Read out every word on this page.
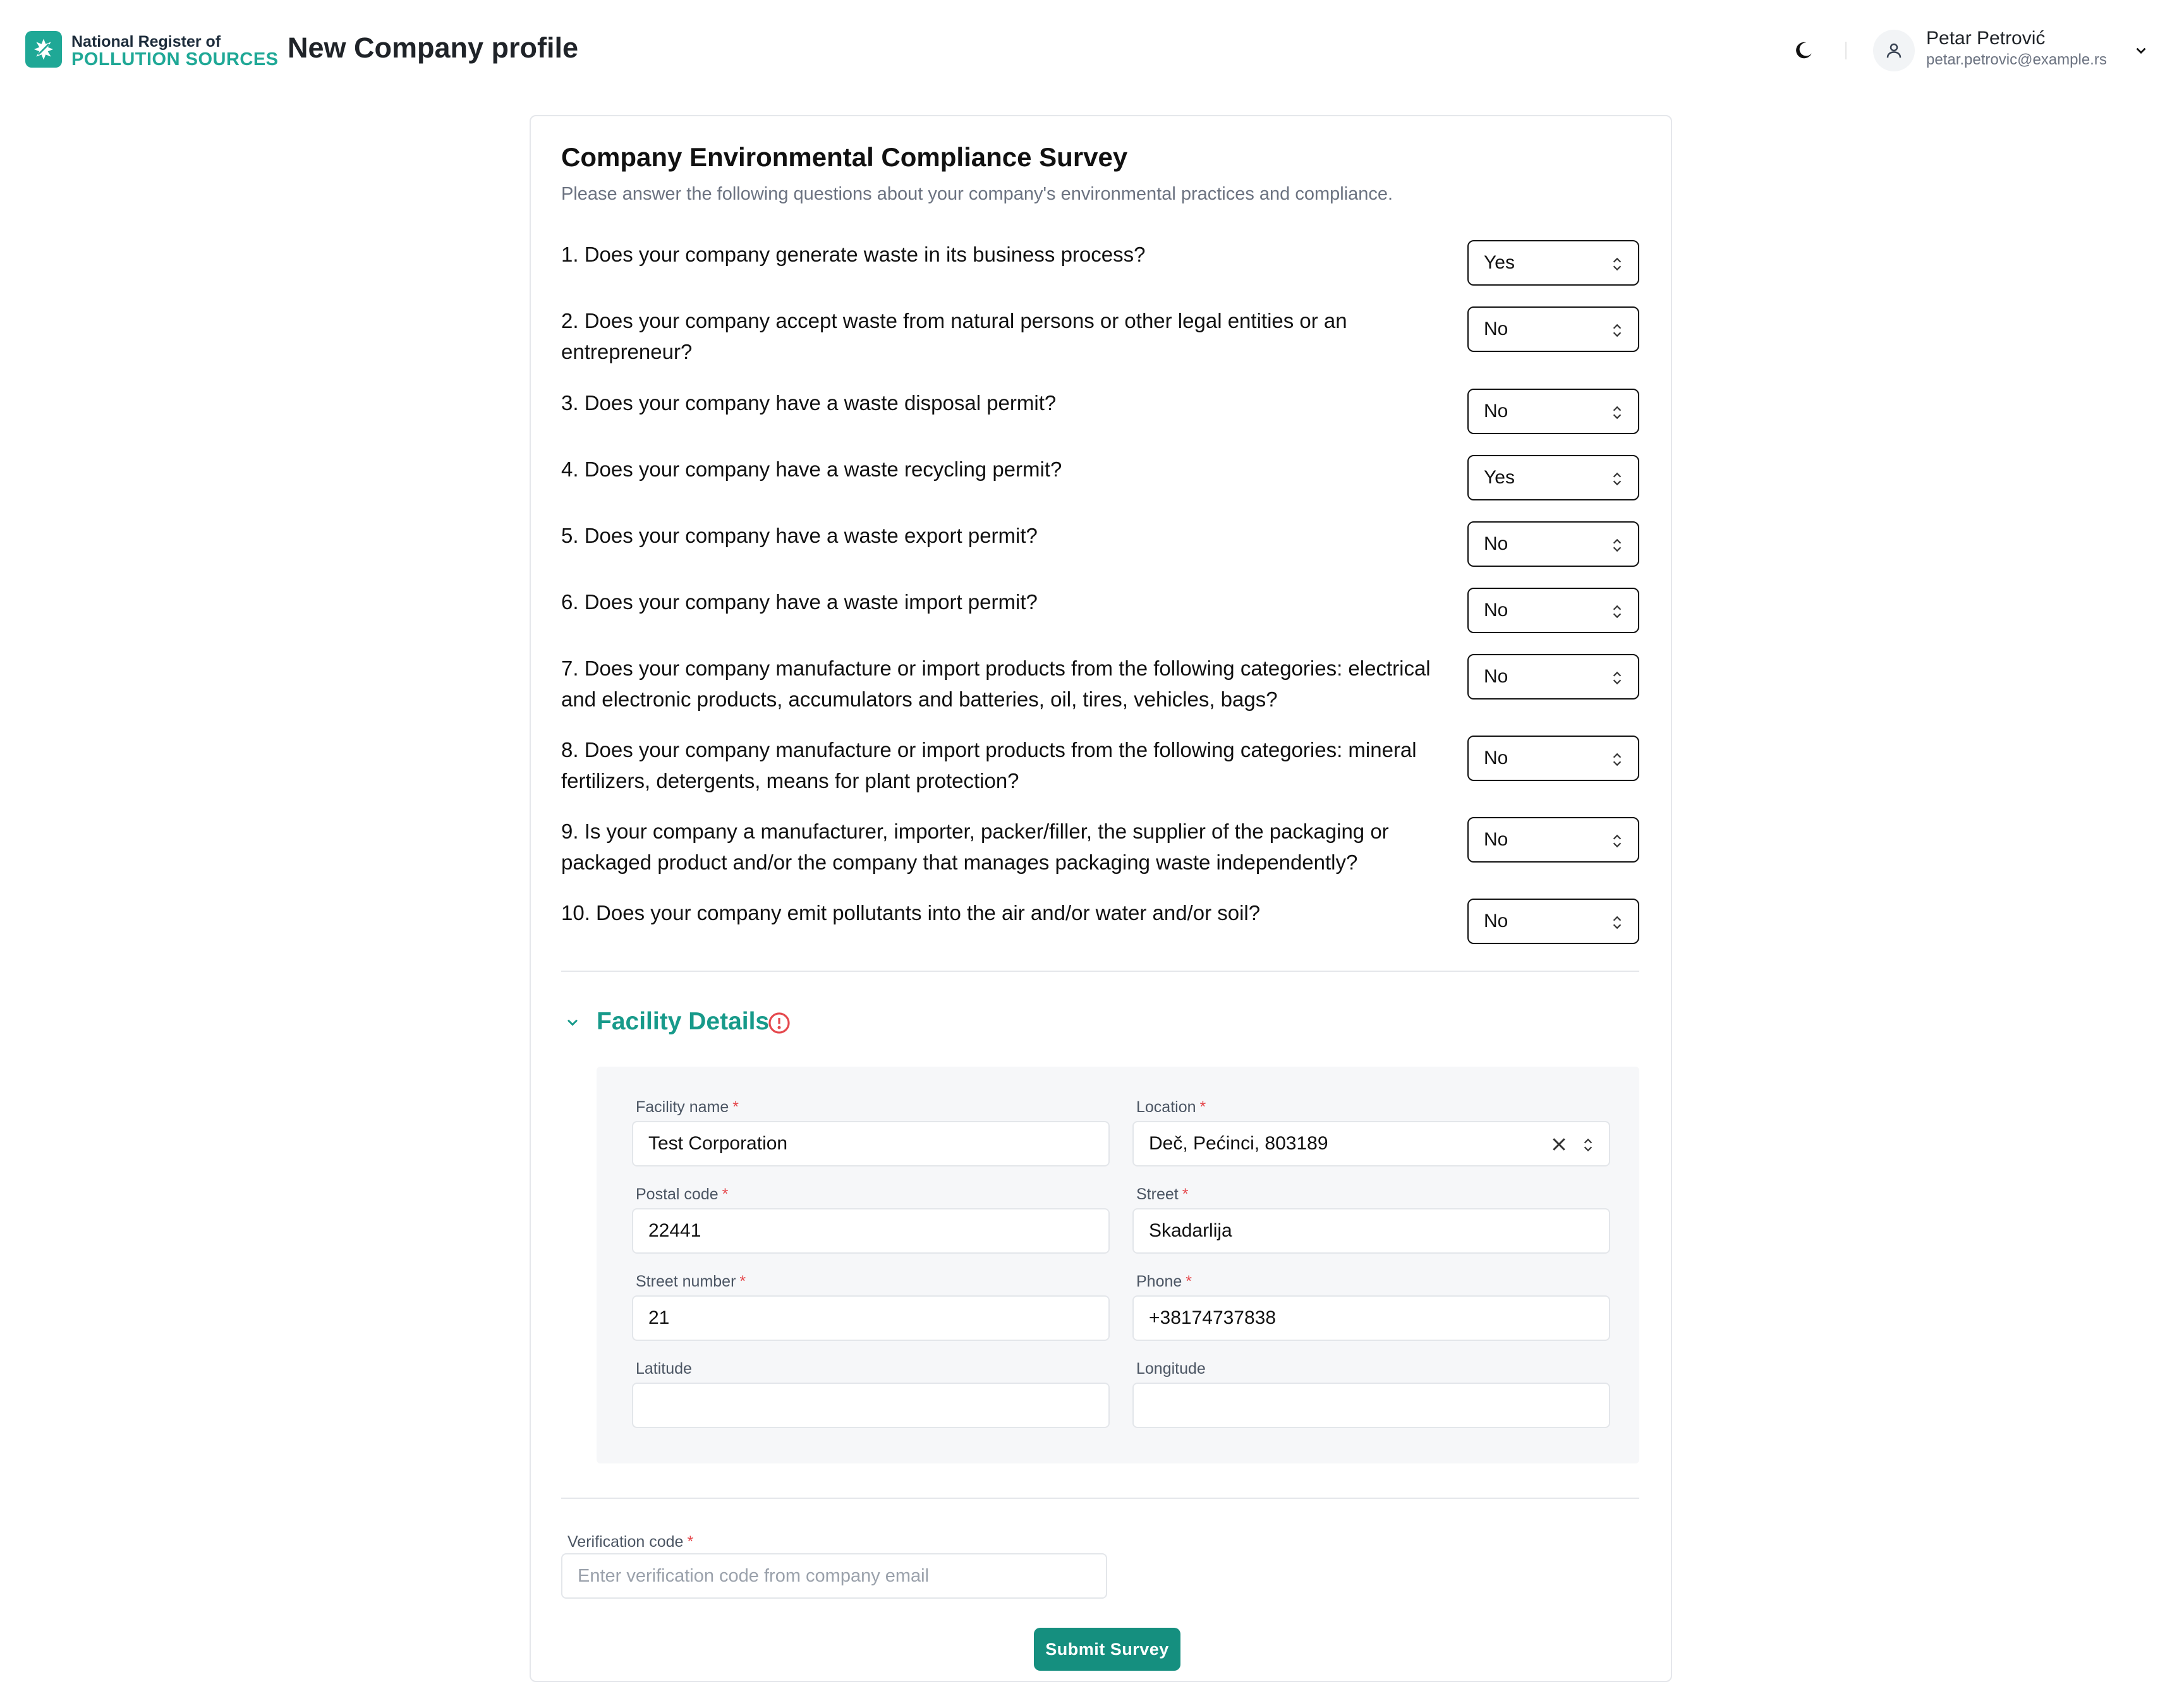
National Register of
POLLUTION SOURCES New Company profile	Petar Petrović
petar.petrovic@example.rs
Company Environmental Compliance Survey
Please answer the following questions about your company's environmental practices and compliance.
1. Does your company generate waste in its business process?	Yes
2. Does your company accept waste from natural persons or other legal entities or an entrepreneur?
No
3. Does your company have a waste disposal permit?	No
4. Does your company have a waste recycling permit?	Yes
5. Does your company have a waste export permit?	No
6. Does your company have a waste import permit?	No
7. Does your company manufacture or import products from the following categories: electrical and electronic products, accumulators and batteries, oil, tires, vehicles, bags?
No
8. Does your company manufacture or import products from the following categories: mineral fertilizers, detergents, means for plant protection?
No
9. Is your company a manufacturer, importer, packer/filler, the supplier of the packaging or packaged product and/or the company that manages packaging waste independently?
No
10. Does your company emit pollutants into the air and/or water and/or soil?	No
Facility Details
Facility name *
Test Corporation
Location *
Deč, Pećinci, 803189
Postal code *
22441
Street *
Skadarlija
Street number *
21
Phone *
+38174737838
Latitude	Longitude
Verification code *
Enter verification code from company email
Submit Survey
